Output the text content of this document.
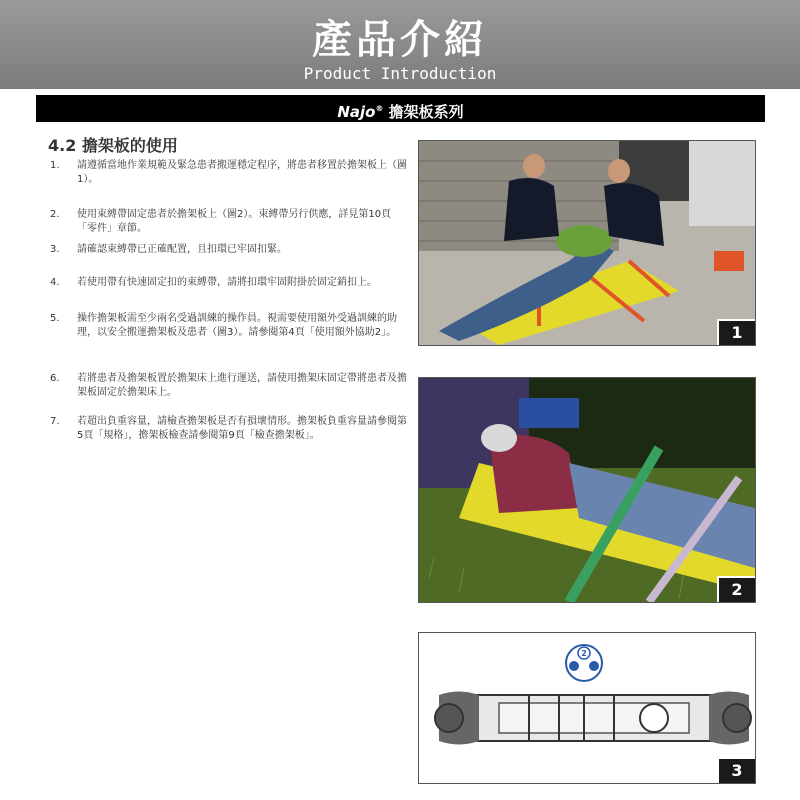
產品介紹
Product Introduction
Najo® 擔架板系列
4.2 擔架板的使用
1. 請遵循當地作業規範及緊急患者搬運穩定程序，將患者移置於擔架板上（圖1）。
2. 使用束縛帶固定患者於擔架板上（圖2）。束縛帶另行供應，詳見第10頁「零件」章節。
3. 請確認束縛帶已正確配置，且扣環已牢固扣緊。
4. 若使用帶有快速固定扣的束縛帶，請將扣環牢固附掛於固定銷扣上。
5. 操作擔架板需至少兩名受過訓練的操作員。視需要使用額外受過訓練的助理，以安全搬運擔架板及患者（圖3）。請參閱第4頁「使用額外協助2」。
6. 若將患者及擔架板置於擔架床上進行運送，請使用擔架床固定帶將患者及擔架板固定於擔架床上。
7. 若超出負重容量，請檢查擔架板是否有損壞情形。擔架板負重容量請參閱第5頁「規格」，擔架板檢查請參閱第9頁「檢查擔架板」。
1
2
2
3
